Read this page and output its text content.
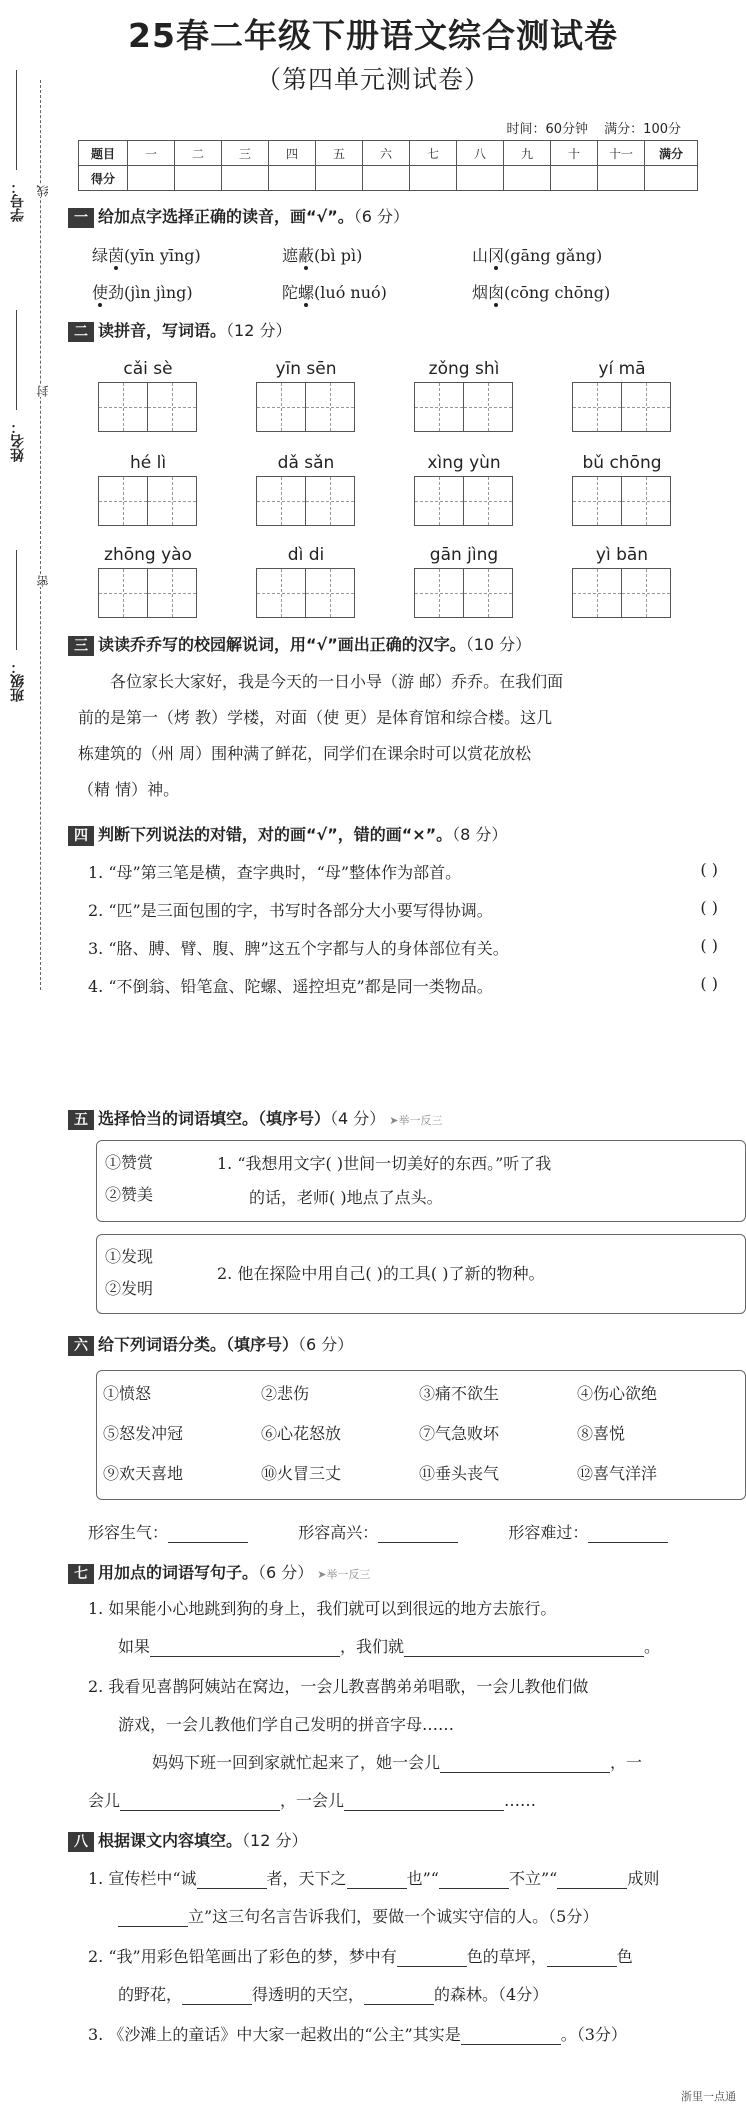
学号：
姓名：
班级：
线
封
密
25春二年级下册语文综合测试卷
（第四单元测试卷）
时间：60分钟 满分：100分
题目	一	二	三	四	五	六	七	八	九	十	十一	满分
得分												
一 给加点字选择正确的读音，画“√”。（6 分）
绿茵(yīn yīng)	遮蔽(bì pì)	山冈(gāng gǎng)
使劲(jìn jìng)	陀螺(luó nuó)	烟囱(cōng chōng)
二 读拼音，写词语。（12 分）
cǎi sè	yīn sēn	zǒng shì	yí mā
hé lì	dǎ sǎn	xìng yùn	bǔ chōng
zhōng yào	dì di	gān jìng	yì bān
三 读读乔乔写的校园解说词，用“√”画出正确的汉字。（10 分）
各位家长大家好，我是今天的一日小导（游 邮）乔乔。在我们面
前的是第一（烤 教）学楼，对面（使 更）是体育馆和综合楼。这几
栋建筑的（州 周）围种满了鲜花，同学们在课余时可以赏花放松
（精 情）神。
四 判断下列说法的对错，对的画“√”，错的画“×”。（8 分）
1. “母”第三笔是横，查字典时，“母”整体作为部首。	( )
2. “匹”是三面包围的字，书写时各部分大小要写得协调。	( )
3. “胳、膊、臂、腹、脾”这五个字都与人的身体部位有关。	( )
4. “不倒翁、铅笔盒、陀螺、遥控坦克”都是同一类物品。	( )
五 选择恰当的词语填空。（填序号）（4 分） ➤举一反三
①赞赏
②赞美
1. “我想用文字( )世间一切美好的东西。”听了我
的话，老师( )地点了点头。
①发现
②发明
2. 他在探险中用自己( )的工具( )了新的物种。
六 给下列词语分类。（填序号）（6 分）
①愤怒	②悲伤	③痛不欲生	④伤心欲绝
⑤怒发冲冠	⑥心花怒放	⑦气急败坏	⑧喜悦
⑨欢天喜地	⑩火冒三丈	⑪垂头丧气	⑫喜气洋洋
形容生气：	形容高兴：	形容难过：
七 用加点的词语写句子。（6 分） ➤举一反三
1. 如果能小心地跳到狗的身上，我们就可以到很远的地方去旅行。
如果	，我们就	。
2. 我看见喜鹊阿姨站在窝边，一会儿教喜鹊弟弟唱歌，一会儿教他们做
游戏，一会儿教他们学自己发明的拼音字母……
妈妈下班一回到家就忙起来了，她一会儿	，一
会儿	，一会儿	……
八 根据课文内容填空。（12 分）
1. 宣传栏中“诚	者，天下之	也”“	不立”“	成则
立”这三句名言告诉我们，要做一个诚实守信的人。（5分）
2. “我”用彩色铅笔画出了彩色的梦，梦中有	色的草坪，	色
的野花，	得透明的天空，	的森林。（4分）
3. 《沙滩上的童话》中大家一起救出的“公主”其实是	。（3分）
浙里一点通
